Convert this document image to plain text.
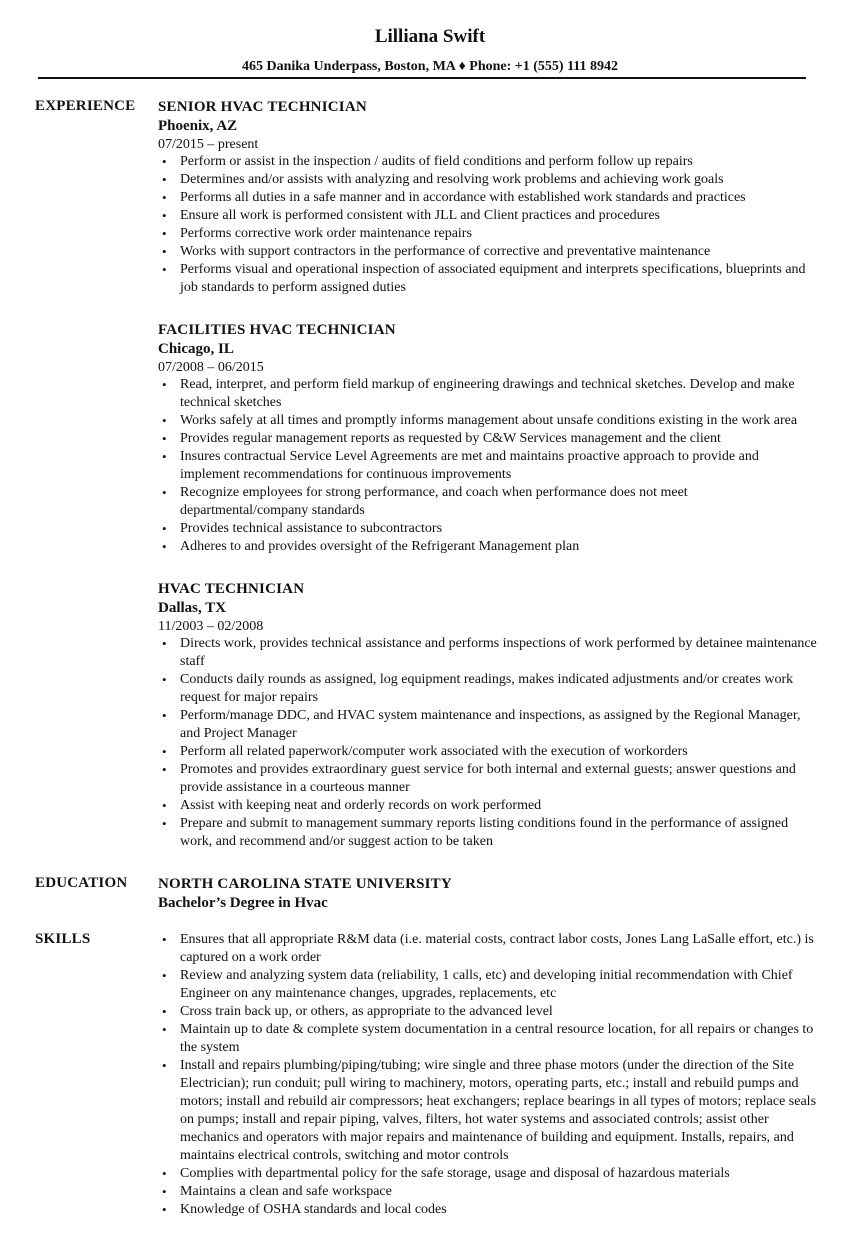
Lilliana Swift
465 Danika Underpass, Boston, MA ♦ Phone: +1 (555) 111 8942
EXPERIENCE	SENIOR HVAC TECHNICIAN
Phoenix, AZ
07/2015 – present
• Perform or assist in the inspection / audits of field conditions and perform follow up repairs
• Determines and/or assists with analyzing and resolving work problems and achieving work goals
• Performs all duties in a safe manner and in accordance with established work standards and practices
• Ensure all work is performed consistent with JLL and Client practices and procedures
• Performs corrective work order maintenance repairs
• Works with support contractors in the performance of corrective and preventative maintenance
• Performs visual and operational inspection of associated equipment and interprets specifications, blueprints and job standards to perform assigned duties
FACILITIES HVAC TECHNICIAN
Chicago, IL
07/2008 – 06/2015
• Read, interpret, and perform field markup of engineering drawings and technical sketches. Develop and make technical sketches
• Works safely at all times and promptly informs management about unsafe conditions existing in the work area
• Provides regular management reports as requested by C&W Services management and the client
• Insures contractual Service Level Agreements are met and maintains proactive approach to provide and implement recommendations for continuous improvements
• Recognize employees for strong performance, and coach when performance does not meet departmental/company standards
• Provides technical assistance to subcontractors
• Adheres to and provides oversight of the Refrigerant Management plan
HVAC TECHNICIAN
Dallas, TX
11/2003 – 02/2008
• Directs work, provides technical assistance and performs inspections of work performed by detainee maintenance staff
• Conducts daily rounds as assigned, log equipment readings, makes indicated adjustments and/or creates work request for major repairs
• Perform/manage DDC, and HVAC system maintenance and inspections, as assigned by the Regional Manager, and Project Manager
• Perform all related paperwork/computer work associated with the execution of workorders
• Promotes and provides extraordinary guest service for both internal and external guests; answer questions and provide assistance in a courteous manner
• Assist with keeping neat and orderly records on work performed
• Prepare and submit to management summary reports listing conditions found in the performance of assigned work, and recommend and/or suggest action to be taken
EDUCATION	NORTH CAROLINA STATE UNIVERSITY
Bachelor’s Degree in Hvac
SKILLS
•	Ensures that all appropriate R&M data (i.e. material costs, contract labor costs, Jones Lang LaSalle effort, etc.) is captured on a work order
• Review and analyzing system data (reliability, 1 calls, etc) and developing initial recommendation with Chief Engineer on any maintenance changes, upgrades, replacements, etc
• Cross train back up, or others, as appropriate to the advanced level
• Maintain up to date & complete system documentation in a central resource location, for all repairs or changes to the system
• Install and repairs plumbing/piping/tubing; wire single and three phase motors (under the direction of the Site Electrician); run conduit; pull wiring to machinery, motors, operating parts, etc.; install and rebuild pumps and motors; install and rebuild air compressors; heat exchangers; replace bearings in all types of motors; replace seals on pumps; install and repair piping, valves, filters, hot water systems and associated controls; assist other mechanics and operators with major repairs and maintenance of building and equipment. Installs, repairs, and maintains electrical controls, switching and motor controls
• Complies with departmental policy for the safe storage, usage and disposal of hazardous materials
• Maintains a clean and safe workspace
• Knowledge of OSHA standards and local codes
